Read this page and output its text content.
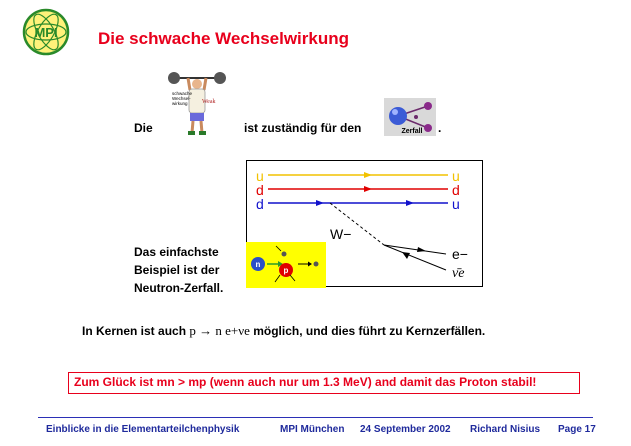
MPI Die schwache Wechselwirkung
Die
schwache
Wechsel-
wirkung Weak
ist zuständig für den	Zerfall .
u
d
d
u
d
u
W−
e−
ν̄e
n
p
Das einfachste
Beispiel ist der
Neutron-Zerfall.
In Kernen ist auch p → n e+νe möglich, und dies führt zu Kernzerfällen.
Zum Glück ist mn > mp (wenn auch nur um 1.3 MeV) and damit das Proton stabil!
Einblicke in die Elementarteilchenphysik	MPI München 24 September 2002 Richard Nisius Page 17
